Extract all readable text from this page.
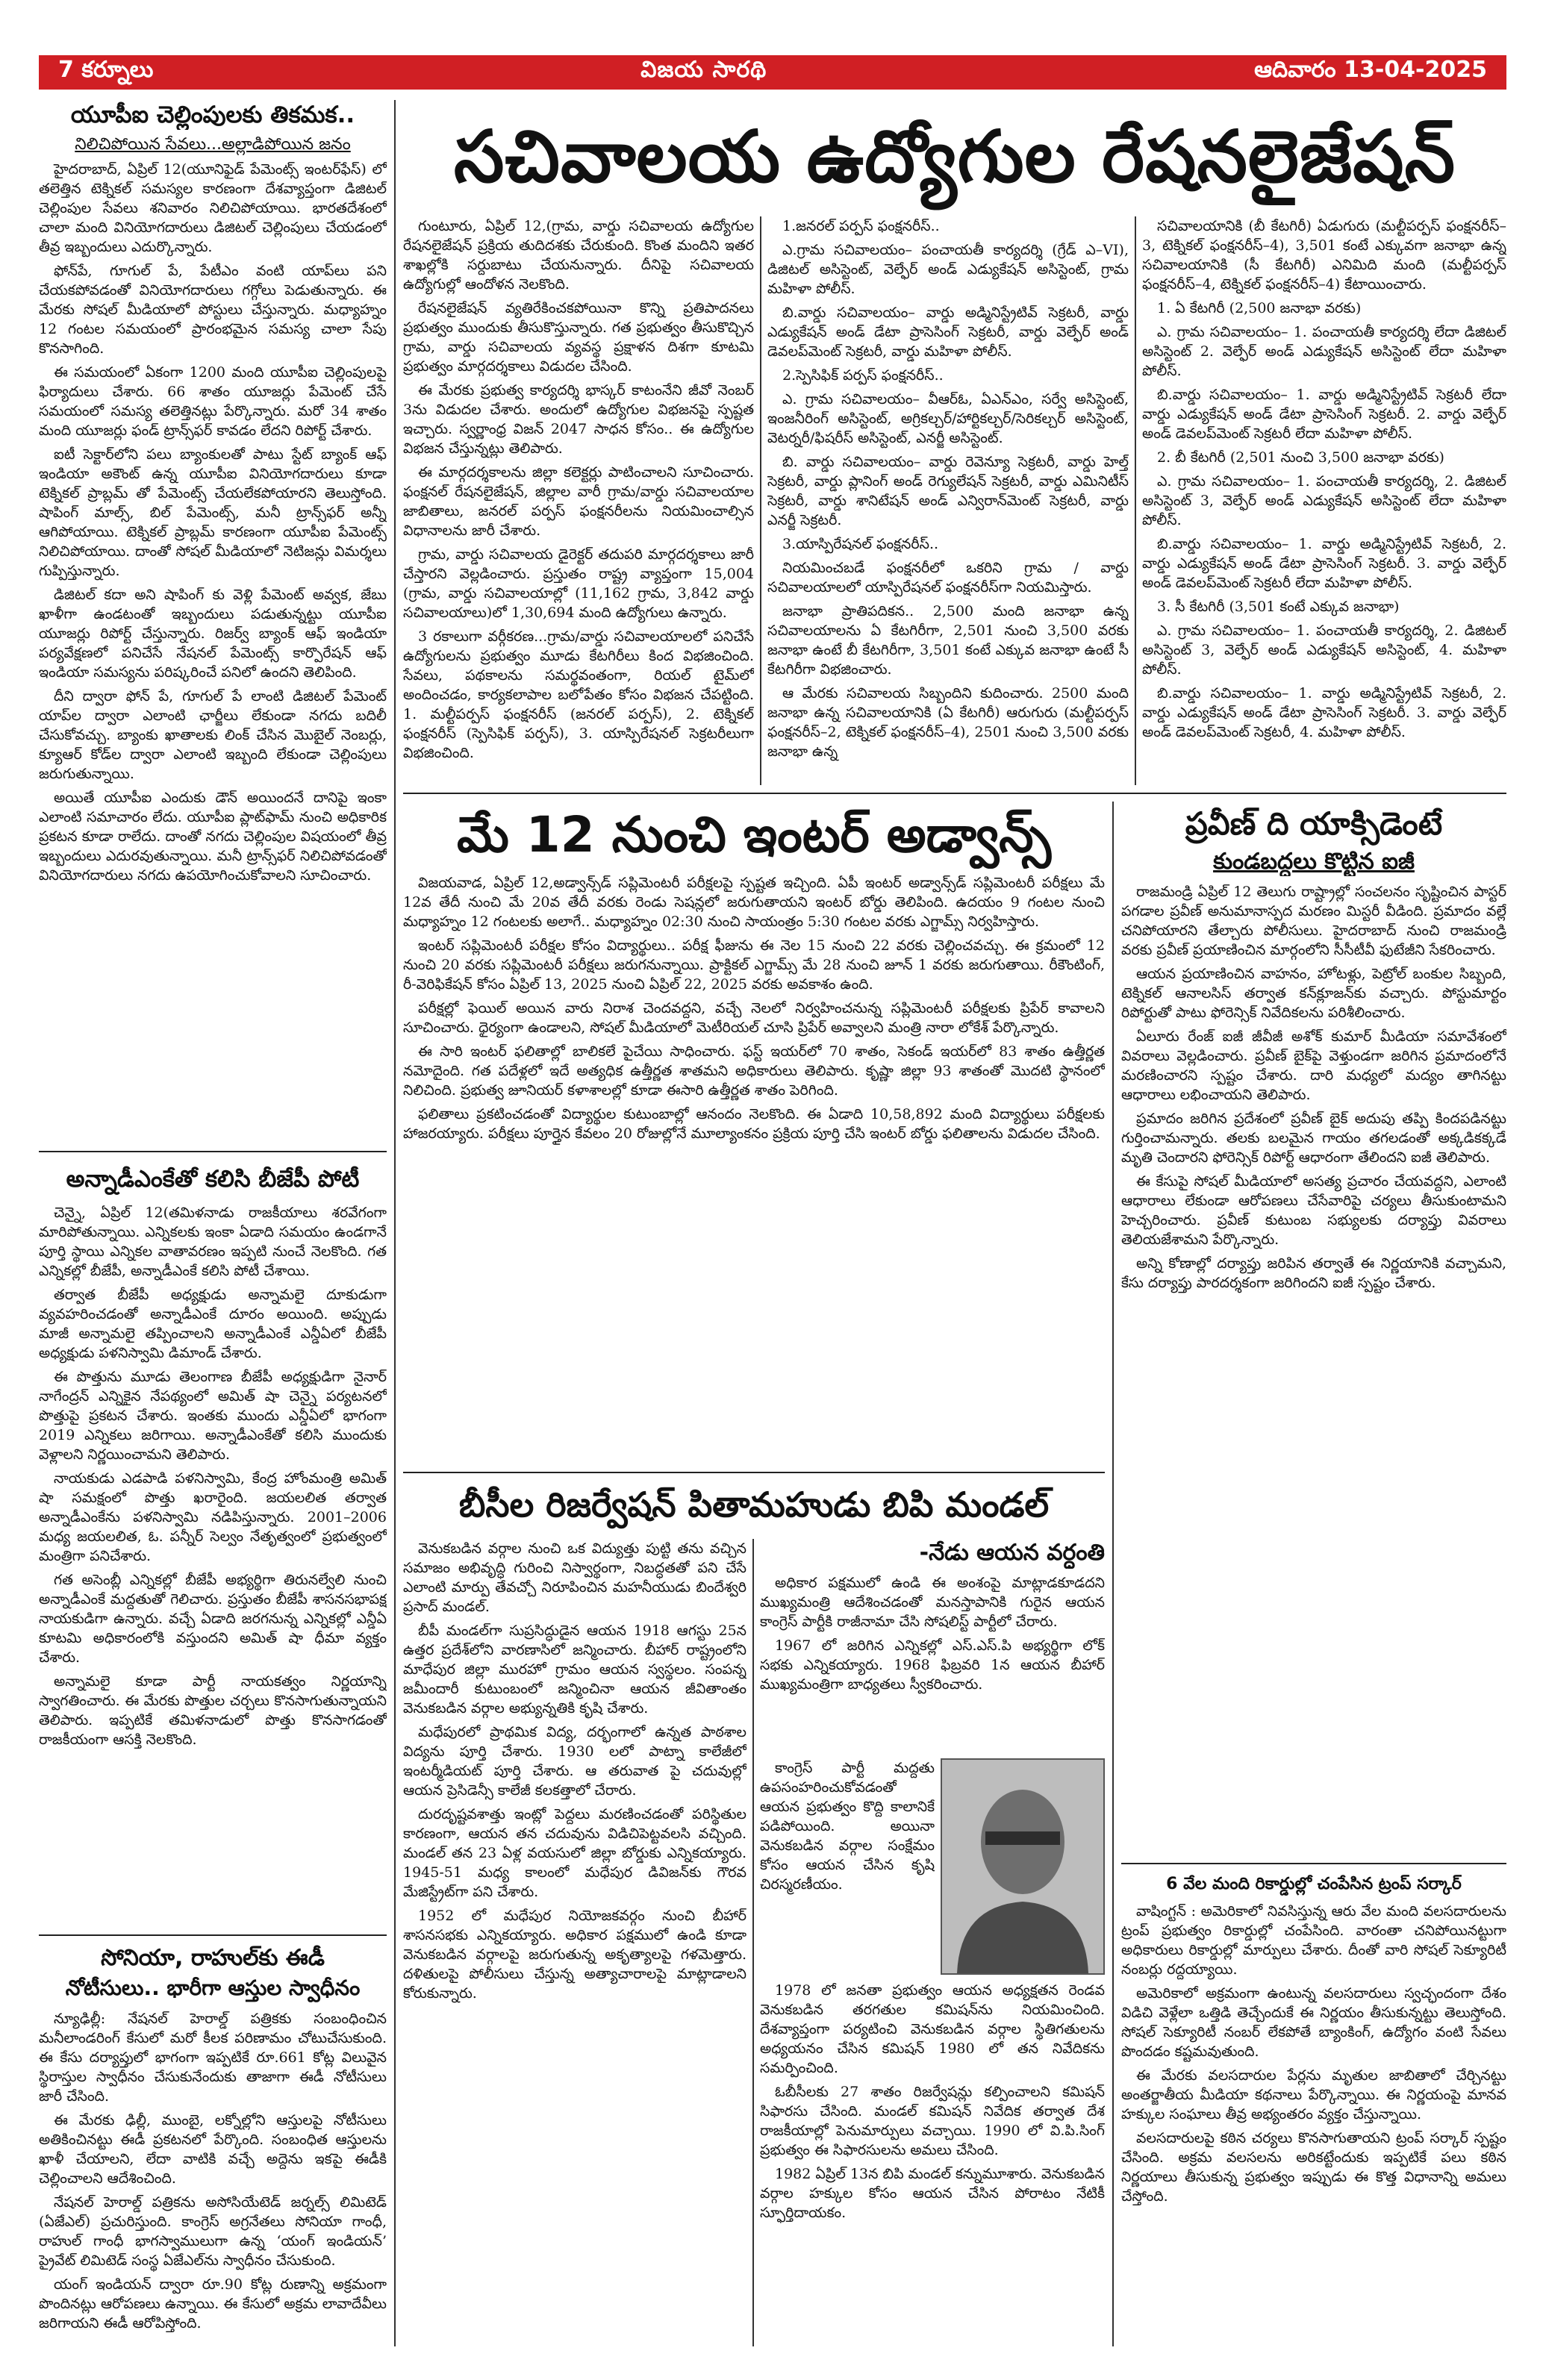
7 కర్నూలు	విజయ సారథి	ఆదివారం 13-04-2025
యూపీఐ చెల్లింపులకు తికమక..
నిలిచిపోయిన సేవలు...అల్లాడిపోయిన జనం

హైదరాబాద్, ఏప్రిల్ 12(యూనిఫైడ్ పేమెంట్స్ ఇంటర్‌ఫేస్) లో తలెత్తిన టెక్నికల్ సమస్యల కారణంగా దేశవ్యాప్తంగా డిజిటల్ చెల్లింపుల సేవలు శనివారం నిలిచిపోయాయి. భారతదేశంలో చాలా మంది వినియోగదారులు డిజిటల్ చెల్లింపులు చేయడంలో తీవ్ర ఇబ్బందులు ఎదుర్కొన్నారు.

ఫోన్‌పే, గూగుల్ పే, పేటీఎం వంటి యాప్‌లు పని చేయకపోవడంతో వినియోగదారులు గగ్గోలు పెడుతున్నారు. ఈ మేరకు సోషల్ మీడియాలో పోస్టులు చేస్తున్నారు. మధ్యాహ్నం 12 గంటల సమయంలో ప్రారంభమైన సమస్య చాలా సేపు కొనసాగింది.

ఈ సమయంలో ఏకంగా 1200 మంది యూపీఐ చెల్లింపులపై ఫిర్యాదులు చేశారు. 66 శాతం యూజర్లు పేమెంట్ చేసే సమయంలో సమస్య తలెత్తినట్లు పేర్కొన్నారు. మరో 34 శాతం మంది యూజర్లు ఫండ్ ట్రాన్స్‌ఫర్ కావడం లేదని రిపోర్ట్ చేశారు.

ఐటీ సెక్టార్‌లోని పలు బ్యాంకులతో పాటు స్టేట్ బ్యాంక్ ఆఫ్ ఇండియా అకౌంట్ ఉన్న యూపీఐ వినియోగదారులు కూడా టెక్నికల్ ప్రాబ్లమ్ తో పేమెంట్స్ చేయలేకపోయారని తెలుస్తోంది. షాపింగ్ మాల్స్, బిల్ పేమెంట్స్, మనీ ట్రాన్స్‌ఫర్ అన్నీ ఆగిపోయాయి. టెక్నికల్ ప్రాబ్లమ్ కారణంగా యూపీఐ పేమెంట్స్ నిలిచిపోయాయి. దాంతో సోషల్ మీడియాలో నెటిజన్లు విమర్శలు గుప్పిస్తున్నారు.

డిజిటల్ కదా అని షాపింగ్ కు వెళ్లి పేమెంట్ అవ్వక, జేబు ఖాళీగా ఉండటంతో ఇబ్బందులు పడుతున్నట్టు యూపీఐ యూజర్లు రిపోర్ట్ చేస్తున్నారు. రిజర్వ్ బ్యాంక్ ఆఫ్ ఇండియా పర్యవేక్షణలో పనిచేసే నేషనల్ పేమెంట్స్ కార్పొరేషన్ ఆఫ్ ఇండియా సమస్యను పరిష్కరించే పనిలో ఉందని తెలిపింది.

దీని ద్వారా ఫోన్ పే, గూగుల్ పే లాంటి డిజిటల్ పేమెంట్ యాప్‌ల ద్వారా ఎలాంటి ఛార్జీలు లేకుండా నగదు బదిలీ చేసుకోవచ్చు. బ్యాంకు ఖాతాలకు లింక్ చేసిన మొబైల్ నెంబర్లు, క్యూఆర్ కోడ్‌ల ద్వారా ఎలాంటి ఇబ్బంది లేకుండా చెల్లింపులు జరుగుతున్నాయి.

అయితే యూపీఐ ఎందుకు డౌన్ అయిందనే దానిపై ఇంకా ఎలాంటి సమాచారం లేదు. యూపీఐ ప్లాట్‌ఫామ్ నుంచి అధికారిక ప్రకటన కూడా రాలేదు. దాంతో నగదు చెల్లింపుల విషయంలో తీవ్ర ఇబ్బందులు ఎదురవుతున్నాయి. మనీ ట్రాన్స్‌ఫర్ నిలిచిపోవడంతో వినియోగదారులు నగదు ఉపయోగించుకోవాలని సూచించారు.

అన్నాడీఎంకేతో కలిసి బీజేపీ పోటీ

చెన్నై, ఏప్రిల్ 12(తమిళనాడు రాజకీయాలు శరవేగంగా మారిపోతున్నాయి. ఎన్నికలకు ఇంకా ఏడాది సమయం ఉండగానే పూర్తి స్థాయి ఎన్నికల వాతావరణం ఇప్పటి నుంచే నెలకొంది. గత ఎన్నికల్లో బీజేపీ, అన్నాడీఎంకే కలిసి పోటీ చేశాయి.

తర్వాత బీజేపీ అధ్యక్షుడు అన్నామలై దూకుడుగా వ్యవహరించడంతో అన్నాడీఎంకే దూరం అయింది. అప్పుడు మాజీ అన్నామలై తప్పించాలని అన్నాడీఎంకే ఎన్డీఏలో బీజేపీ అధ్యక్షుడు పళనిస్వామి డిమాండ్ చేశారు.

ఈ పొత్తును మూడు తెలంగాణ బీజేపీ అధ్యక్షుడిగా నైనార్ నాగేంద్రన్ ఎన్నికైన నేపథ్యంలో అమిత్ షా చెన్నై పర్యటనలో పొత్తుపై ప్రకటన చేశారు. ఇంతకు ముందు ఎన్డీఏలో భాగంగా 2019 ఎన్నికలు జరిగాయి. అన్నాడీఎంకేతో కలిసి ముందుకు వెళ్లాలని నిర్ణయించామని తెలిపారు.

నాయకుడు ఎడపాడి పళనిస్వామి, కేంద్ర హోంమంత్రి అమిత్ షా సమక్షంలో పొత్తు ఖరారైంది. జయలలిత తర్వాత అన్నాడీఎంకేను పళనిస్వామి నడిపిస్తున్నారు. 2001–2006 మధ్య జయలలిత, ఓ. పన్నీర్ సెల్వం నేతృత్వంలో ప్రభుత్వంలో మంత్రిగా పనిచేశారు.

గత అసెంబ్లీ ఎన్నికల్లో బీజేపీ అభ్యర్థిగా తిరునల్వేలి నుంచి అన్నాడీఎంకే మద్దతుతో గెలిచారు. ప్రస్తుతం బీజేపీ శాసనసభాపక్ష నాయకుడిగా ఉన్నారు. వచ్చే ఏడాది జరగనున్న ఎన్నికల్లో ఎన్డీఏ కూటమి అధికారంలోకి వస్తుందని అమిత్ షా ధీమా వ్యక్తం చేశారు.

అన్నామలై కూడా పార్టీ నాయకత్వం నిర్ణయాన్ని స్వాగతించారు. ఈ మేరకు పొత్తుల చర్చలు కొనసాగుతున్నాయని తెలిపారు. ఇప్పటికే తమిళనాడులో పొత్తు కొనసాగడంతో రాజకీయంగా ఆసక్తి నెలకొంది.

సోనియా, రాహుల్‌కు ఈడీ
నోటీసులు.. భారీగా ఆస్తుల స్వాధీనం

న్యూఢిల్లీ: నేషనల్ హెరాల్డ్ పత్రికకు సంబంధించిన మనీలాండరింగ్ కేసులో మరో కీలక పరిణామం చోటుచేసుకుంది. ఈ కేసు దర్యాప్తులో భాగంగా ఇప్పటికే రూ.661 కోట్ల విలువైన స్థిరాస్తుల స్వాధీనం చేసుకునేందుకు తాజాగా ఈడీ నోటీసులు జారీ చేసింది.

ఈ మేరకు ఢిల్లీ, ముంబై, లక్నోల్లోని ఆస్తులపై నోటీసులు అతికించినట్టు ఈడీ ప్రకటనలో పేర్కొంది. సంబంధిత ఆస్తులను ఖాళీ చేయాలని, లేదా వాటికి వచ్చే అద్దెను ఇకపై ఈడీకి చెల్లించాలని ఆదేశించింది.

నేషనల్ హెరాల్డ్ పత్రికను అసోసియేటెడ్ జర్నల్స్ లిమిటెడ్ (ఏజేఎల్) ప్రచురిస్తుంది. కాంగ్రెస్ అగ్రనేతలు సోనియా గాంధీ, రాహుల్ గాంధీ భాగస్వాములుగా ఉన్న ‘యంగ్ ఇండియన్’ ప్రైవేట్ లిమిటెడ్ సంస్థ ఏజేఎల్‌ను స్వాధీనం చేసుకుంది.

యంగ్ ఇండియన్ ద్వారా రూ.90 కోట్ల రుణాన్ని అక్రమంగా పొందినట్లు ఆరోపణలు ఉన్నాయి. ఈ కేసులో అక్రమ లావాదేవీలు జరిగాయని ఈడీ ఆరోపిస్తోంది.

సచివాలయ ఉద్యోగుల రేషనలైజేషన్

గుంటూరు, ఏప్రిల్ 12,(గ్రామ, వార్డు సచివాలయ ఉద్యోగుల రేషనలైజేషన్ ప్రక్రియ తుదిదశకు చేరుకుంది. కొంత మందిని ఇతర శాఖల్లోకి సర్దుబాటు చేయనున్నారు. దీనిపై సచివాలయ ఉద్యోగుల్లో ఆందోళన నెలకొంది.

రేషనలైజేషన్ వ్యతిరేకించకపోయినా కొన్ని ప్రతిపాదనలు ప్రభుత్వం ముందుకు తీసుకొస్తున్నారు. గత ప్రభుత్వం తీసుకొచ్చిన గ్రామ, వార్డు సచివాలయ వ్యవస్థ ప్రక్షాళన దిశగా కూటమి ప్రభుత్వం మార్గదర్శకాలు విడుదల చేసింది.

ఈ మేరకు ప్రభుత్వ కార్యదర్శి భాస్కర్ కాటంనేని జీవో నెంబర్ 3ను విడుదల చేశారు. అందులో ఉద్యోగుల విభజనపై స్పష్టత ఇచ్చారు. స్వర్ణాంధ్ర విజన్ 2047 సాధన కోసం.. ఈ ఉద్యోగుల విభజన చేస్తున్నట్లు తెలిపారు.

ఈ మార్గదర్శకాలను జిల్లా కలెక్టర్లు పాటించాలని సూచించారు. ఫంక్షనల్ రేషనలైజేషన్, జిల్లాల వారీ గ్రామ/వార్డు సచివాలయాల జాబితాలు, జనరల్ పర్పస్ ఫంక్షనరీలను నియమించాల్సిన విధానాలను జారీ చేశారు.

గ్రామ, వార్డు సచివాలయ డైరెక్టర్ తదుపరి మార్గదర్శకాలు జారీ చేస్తారని వెల్లడించారు. ప్రస్తుతం రాష్ట్ర వ్యాప్తంగా 15,004 (గ్రామ, వార్డు సచివాలయాల్లో (11,162 గ్రామ, 3,842 వార్డు సచివాలయాలు)లో 1,30,694 మంది ఉద్యోగులు ఉన్నారు.

3 రకాలుగా వర్గీకరణ...గ్రామ/వార్డు సచివాలయాలలో పనిచేసే ఉద్యోగులను ప్రభుత్వం మూడు కేటగిరీలు కింద విభజించింది. సేవలు, పథకాలను సమర్థవంతంగా, రియల్ టైమ్‌లో అందించడం, కార్యకలాపాల బలోపేతం కోసం విభజన చేపట్టింది. 1. మల్టీపర్పస్ ఫంక్షనరీస్ (జనరల్ పర్పస్), 2. టెక్నికల్ ఫంక్షనరీస్ (స్పెసిఫిక్ పర్పస్), 3. యాస్పిరేషనల్ సెక్రటరీలుగా విభజించింది.

1.జనరల్ పర్పస్ ఫంక్షనరీస్..

ఎ.గ్రామ సచివాలయం– పంచాయతీ కార్యదర్శి (గ్రేడ్ ఎ–VI), డిజిటల్ అసిస్టెంట్, వెల్ఫేర్ అండ్ ఎడ్యుకేషన్ అసిస్టెంట్, గ్రామ మహిళా పోలీస్.

బి.వార్డు సచివాలయం– వార్డు అడ్మినిస్ట్రేటివ్ సెక్రటరీ, వార్డు ఎడ్యుకేషన్ అండ్ డేటా ప్రాసెసింగ్ సెక్రటరీ, వార్డు వెల్ఫేర్ అండ్ డెవలప్‌మెంట్ సెక్రటరీ, వార్డు మహిళా పోలీస్.

2.స్పెసిఫిక్ పర్పస్ ఫంక్షనరీస్..

ఎ. గ్రామ సచివాలయం– వీఆర్ఓ, ఏఎన్ఎం, సర్వే అసిస్టెంట్, ఇంజనీరింగ్ అసిస్టెంట్, అగ్రికల్చర్/హార్టికల్చర్/సెరికల్చర్ అసిస్టెంట్, వెటర్నరీ/ఫిషరీస్ అసిస్టెంట్, ఎనర్జీ అసిస్టెంట్.

బి. వార్డు సచివాలయం– వార్డు రెవెన్యూ సెక్రటరీ, వార్డు హెల్త్ సెక్రటరీ, వార్డు ప్లానింగ్ అండ్ రెగ్యులేషన్ సెక్రటరీ, వార్డు ఎమినిటీస్ సెక్రటరీ, వార్డు శానిటేషన్ అండ్ ఎన్విరాన్‌మెంట్ సెక్రటరీ, వార్డు ఎనర్జీ సెక్రటరీ.

3.యాస్పిరేషనల్ ఫంక్షనరీస్..

నియమించబడే ఫంక్షనరీలో ఒకరిని గ్రామ / వార్డు సచివాలయాలలో యాస్పిరేషనల్ ఫంక్షనరీస్‌గా నియమిస్తారు.

జనాభా ప్రాతిపదికన.. 2,500 మంది జనాభా ఉన్న సచివాలయాలను ఏ కేటగిరీగా, 2,501 నుంచి 3,500 వరకు జనాభా ఉంటే బీ కేటగిరీగా, 3,501 కంటే ఎక్కువ జనాభా ఉంటే సీ కేటగిరీగా విభజించారు.

ఆ మేరకు సచివాలయ సిబ్బందిని కుదించారు. 2500 మంది జనాభా ఉన్న సచివాలయానికి (ఏ కేటగిరీ) ఆరుగురు (మల్టీపర్పస్ ఫంక్షనరీస్–2, టెక్నికల్ ఫంక్షనరీస్–4), 2501 నుంచి 3,500 వరకు జనాభా ఉన్న

సచివాలయానికి (బీ కేటగిరీ) ఏడుగురు (మల్టీపర్పస్ ఫంక్షనరీస్–3, టెక్నికల్ ఫంక్షనరీస్–4), 3,501 కంటే ఎక్కువగా జనాభా ఉన్న సచివాలయానికి (సీ కేటగిరీ) ఎనిమిది మంది (మల్టీపర్పస్ ఫంక్షనరీస్–4, టెక్నికల్ ఫంక్షనరీస్–4) కేటాయించారు.

1. ఏ కేటగిరీ (2,500 జనాభా వరకు)

ఎ. గ్రామ సచివాలయం– 1. పంచాయతీ కార్యదర్శి లేదా డిజిటల్ అసిస్టెంట్ 2. వెల్ఫేర్ అండ్ ఎడ్యుకేషన్ అసిస్టెంట్ లేదా మహిళా పోలీస్.

బి.వార్డు సచివాలయం– 1. వార్డు అడ్మినిస్ట్రేటివ్ సెక్రటరీ లేదా వార్డు ఎడ్యుకేషన్ అండ్ డేటా ప్రాసెసింగ్ సెక్రటరీ. 2. వార్డు వెల్ఫేర్ అండ్ డెవలప్‌మెంట్ సెక్రటరీ లేదా మహిళా పోలీస్.

2. బీ కేటగిరీ (2,501 నుంచి 3,500 జనాభా వరకు)

ఎ. గ్రామ సచివాలయం– 1. పంచాయతీ కార్యదర్శి, 2. డిజిటల్ అసిస్టెంట్ 3, వెల్ఫేర్ అండ్ ఎడ్యుకేషన్ అసిస్టెంట్ లేదా మహిళా పోలీస్.

బి.వార్డు సచివాలయం– 1. వార్డు అడ్మినిస్ట్రేటివ్ సెక్రటరీ, 2. వార్డు ఎడ్యుకేషన్ అండ్ డేటా ప్రాసెసింగ్ సెక్రటరీ. 3. వార్డు వెల్ఫేర్ అండ్ డెవలప్‌మెంట్ సెక్రటరీ లేదా మహిళా పోలీస్.

3. సీ కేటగిరీ (3,501 కంటే ఎక్కువ జనాభా)

ఎ. గ్రామ సచివాలయం– 1. పంచాయతీ కార్యదర్శి, 2. డిజిటల్ అసిస్టెంట్ 3, వెల్ఫేర్ అండ్ ఎడ్యుకేషన్ అసిస్టెంట్, 4. మహిళా పోలీస్.

బి.వార్డు సచివాలయం– 1. వార్డు అడ్మినిస్ట్రేటివ్ సెక్రటరీ, 2. వార్డు ఎడ్యుకేషన్ అండ్ డేటా ప్రాసెసింగ్ సెక్రటరీ. 3. వార్డు వెల్ఫేర్ అండ్ డెవలప్‌మెంట్ సెక్రటరీ, 4. మహిళా పోలీస్.

మే 12 నుంచి ఇంటర్ అడ్వాన్స్

విజయవాడ, ఏప్రిల్ 12,అడ్వాన్స్‌డ్ సప్లిమెంటరీ పరీక్షలపై స్పష్టత ఇచ్చింది. ఏపీ ఇంటర్ అడ్వాన్స్‌డ్ సప్లిమెంటరీ పరీక్షలు మే 12వ తేదీ నుంచి మే 20వ తేదీ వరకు రెండు సెషన్లలో జరుగుతాయని ఇంటర్ బోర్డు తెలిపింది. ఉదయం 9 గంటల నుంచి మధ్యాహ్నం 12 గంటలకు అలాగే.. మధ్యాహ్నం 02:30 నుంచి సాయంత్రం 5:30 గంటల వరకు ఎగ్జామ్స్ నిర్వహిస్తారు.

ఇంటర్ సప్లిమెంటరీ పరీక్షల కోసం విద్యార్థులు.. పరీక్ష ఫీజును ఈ నెల 15 నుంచి 22 వరకు చెల్లించవచ్చు. ఈ క్రమంలో 12 నుంచి 20 వరకు సప్లిమెంటరీ పరీక్షలు జరుగనున్నాయి. ప్రాక్టికల్ ఎగ్జామ్స్ మే 28 నుంచి జూన్ 1 వరకు జరుగుతాయి. రీకౌంటింగ్, రీ-వెరిఫికేషన్ కోసం ఏప్రిల్ 13, 2025 నుంచి ఏప్రిల్ 22, 2025 వరకు అవకాశం ఉంది.

పరీక్షల్లో ఫెయిల్ అయిన వారు నిరాశ చెందవద్దని, వచ్చే నెలలో నిర్వహించనున్న సప్లిమెంటరీ పరీక్షలకు ప్రిపేర్ కావాలని సూచించారు. ధైర్యంగా ఉండాలని, సోషల్ మీడియాలో మెటీరియల్ చూసి ప్రిపేర్ అవ్వాలని మంత్రి నారా లోకేశ్ పేర్కొన్నారు.

ఈ సారి ఇంటర్ ఫలితాల్లో బాలికలే పైచేయి సాధించారు. ఫస్ట్ ఇయర్‌లో 70 శాతం, సెకండ్ ఇయర్‌లో 83 శాతం ఉత్తీర్ణత నమోదైంది. గత పదేళ్లలో ఇదే అత్యధిక ఉత్తీర్ణత శాతమని అధికారులు తెలిపారు. కృష్ణా జిల్లా 93 శాతంతో మొదటి స్థానంలో నిలిచింది. ప్రభుత్వ జూనియర్ కళాశాలల్లో కూడా ఈసారి ఉత్తీర్ణత శాతం పెరిగింది.

ఫలితాలు ప్రకటించడంతో విద్యార్థుల కుటుంబాల్లో ఆనందం నెలకొంది. ఈ ఏడాది 10,58,892 మంది విద్యార్థులు పరీక్షలకు హాజరయ్యారు. పరీక్షలు పూర్తైన కేవలం 20 రోజుల్లోనే మూల్యాంకనం ప్రక్రియ పూర్తి చేసి ఇంటర్ బోర్డు ఫలితాలను విడుదల చేసింది.

ప్రవీణ్ ది యాక్సిడెంటే
కుండబద్దలు కొట్టిన ఐజీ

రాజమండ్రి ఏప్రిల్ 12 తెలుగు రాష్ట్రాల్లో సంచలనం సృష్టించిన పాస్టర్ పగడాల ప్రవీణ్ అనుమానాస్పద మరణం మిస్టరీ వీడింది. ప్రమాదం వల్లే చనిపోయారని తేల్చారు పోలీసులు. హైదరాబాద్ నుంచి రాజమండ్రి వరకు ప్రవీణ్ ప్రయాణించిన మార్గంలోని సీసీటీవీ ఫుటేజీని సేకరించారు.

ఆయన ప్రయాణించిన వాహనం, హోటళ్లు, పెట్రోల్ బంకుల సిబ్బంది, టెక్నికల్ ఆనాలసిస్ తర్వాత కన్‌క్లూజన్‌కు వచ్చారు. పోస్టుమార్టం రిపోర్టుతో పాటు ఫోరెన్సిక్ నివేదికలను పరిశీలించారు.

ఏలూరు రేంజ్ ఐజీ జీవీజీ అశోక్ కుమార్ మీడియా సమావేశంలో వివరాలు వెల్లడించారు. ప్రవీణ్ బైక్‌పై వెళ్తుండగా జరిగిన ప్రమాదంలోనే మరణించారని స్పష్టం చేశారు. దారి మధ్యలో మద్యం తాగినట్టు ఆధారాలు లభించాయని తెలిపారు.

ప్రమాదం జరిగిన ప్రదేశంలో ప్రవీణ్ బైక్ అదుపు తప్పి కిందపడినట్టు గుర్తించామన్నారు. తలకు బలమైన గాయం తగలడంతో అక్కడికక్కడే మృతి చెందారని ఫోరెన్సిక్ రిపోర్ట్ ఆధారంగా తేలిందని ఐజీ తెలిపారు.

ఈ కేసుపై సోషల్ మీడియాలో అసత్య ప్రచారం చేయవద్దని, ఎలాంటి ఆధారాలు లేకుండా ఆరోపణలు చేసేవారిపై చర్యలు తీసుకుంటామని హెచ్చరించారు. ప్రవీణ్ కుటుంబ సభ్యులకు దర్యాప్తు వివరాలు తెలియజేశామని పేర్కొన్నారు.

అన్ని కోణాల్లో దర్యాప్తు జరిపిన తర్వాతే ఈ నిర్ణయానికి వచ్చామని, కేసు దర్యాప్తు పారదర్శకంగా జరిగిందని ఐజీ స్పష్టం చేశారు.

6 వేల మంది రికార్డుల్లో చంపేసిన ట్రంప్ సర్కార్

వాషింగ్టన్ : అమెరికాలో నివసిస్తున్న ఆరు వేల మంది వలసదారులను ట్రంప్ ప్రభుత్వం రికార్డుల్లో చంపేసింది. వారంతా చనిపోయినట్టుగా అధికారులు రికార్డుల్లో మార్పులు చేశారు. దీంతో వారి సోషల్ సెక్యూరిటీ నంబర్లు రద్దయ్యాయి.

అమెరికాలో అక్రమంగా ఉంటున్న వలసదారులు స్వచ్ఛందంగా దేశం విడిచి వెళ్లేలా ఒత్తిడి తెచ్చేందుకే ఈ నిర్ణయం తీసుకున్నట్టు తెలుస్తోంది. సోషల్ సెక్యూరిటీ నంబర్ లేకపోతే బ్యాంకింగ్, ఉద్యోగం వంటి సేవలు పొందడం కష్టమవుతుంది.

ఈ మేరకు వలసదారుల పేర్లను మృతుల జాబితాలో చేర్చినట్టు అంతర్జాతీయ మీడియా కథనాలు పేర్కొన్నాయి. ఈ నిర్ణయంపై మానవ హక్కుల సంఘాలు తీవ్ర అభ్యంతరం వ్యక్తం చేస్తున్నాయి.

వలసదారులపై కఠిన చర్యలు కొనసాగుతాయని ట్రంప్ సర్కార్ స్పష్టం చేసింది. అక్రమ వలసలను అరికట్టేందుకు ఇప్పటికే పలు కఠిన నిర్ణయాలు తీసుకున్న ప్రభుత్వం ఇప్పుడు ఈ కొత్త విధానాన్ని అమలు చేస్తోంది.

బీసీల రిజర్వేషన్ పితామహుడు బిపి మండల్

వెనుకబడిన వర్గాల నుంచి ఒక విద్యుత్తు పుట్టి తను వచ్చిన సమాజం అభివృద్ధి గురించి నిస్వార్థంగా, నిబద్ధతతో పని చేసే ఎలాంటి మార్పు తేవచ్చో నిరూపించిన మహనీయుడు బిందేశ్వరి ప్రసాద్ మండల్.

బీపీ మండల్‌గా సుప్రసిద్ధుడైన ఆయన 1918 ఆగస్టు 25న ఉత్తర ప్రదేశ్‌లోని వారణాసిలో జన్మించారు. బీహార్ రాష్ట్రంలోని మాధేపుర జిల్లా మురహో గ్రామం ఆయన స్వస్థలం. సంపన్న జమీందారీ కుటుంబంలో జన్మించినా ఆయన జీవితాంతం వెనుకబడిన వర్గాల అభ్యున్నతికి కృషి చేశారు.

మధేపురలో ప్రాథమిక విద్య, దర్భంగాలో ఉన్నత పాఠశాల విద్యను పూర్తి చేశారు. 1930 లలో పాట్నా కాలేజీలో ఇంటర్మీడియట్ పూర్తి చేశారు. ఆ తరువాత పై చదువుల్లో ఆయన ప్రెసిడెన్సీ కాలేజీ కలకత్తాలో చేరారు.

దురదృష్టవశాత్తు ఇంట్లో పెద్దలు మరణించడంతో పరిస్థితుల కారణంగా, ఆయన తన చదువును విడిచిపెట్టవలసి వచ్చింది. మండల్ తన 23 ఏళ్ల వయసులో జిల్లా బోర్డుకు ఎన్నికయ్యారు. 1945-51 మధ్య కాలంలో మధేపుర డివిజన్‌కు గౌరవ మేజిస్ట్రేట్‌గా పని చేశారు.

1952 లో మధేపుర నియోజకవర్గం నుంచి బీహార్ శాసనసభకు ఎన్నికయ్యారు. అధికార పక్షములో ఉండి కూడా వెనుకబడిన వర్గాలపై జరుగుతున్న అకృత్యాలపై గళమెత్తారు. దళితులపై పోలీసులు చేస్తున్న అత్యాచారాలపై మాట్లాడాలని కోరుకున్నారు.

-నేడు ఆయన వర్ధంతి

అధికార పక్షములో ఉండి ఈ అంశంపై మాట్లాడకూడదని ముఖ్యమంత్రి ఆదేశించడంతో మనస్తాపానికి గురైన ఆయన కాంగ్రెస్ పార్టీకి రాజీనామా చేసి సోషలిస్ట్ పార్టీలో చేరారు.

1967 లో జరిగిన ఎన్నికల్లో ఎస్.ఎస్.పి అభ్యర్థిగా లోక్ సభకు ఎన్నికయ్యారు. 1968 ఫిబ్రవరి 1న ఆయన బీహార్ ముఖ్యమంత్రిగా బాధ్యతలు స్వీకరించారు.

కాంగ్రెస్ పార్టీ మద్దతు ఉపసంహరించుకోవడంతో ఆయన ప్రభుత్వం కొద్ది కాలానికే పడిపోయింది. అయినా వెనుకబడిన వర్గాల సంక్షేమం కోసం ఆయన చేసిన కృషి చిరస్మరణీయం.

1978 లో జనతా ప్రభుత్వం ఆయన అధ్యక్షతన రెండవ వెనుకబడిన తరగతుల కమిషన్‌ను నియమించింది. దేశవ్యాప్తంగా పర్యటించి వెనుకబడిన వర్గాల స్థితిగతులను అధ్యయనం చేసిన కమిషన్ 1980 లో తన నివేదికను సమర్పించింది.

ఓబీసీలకు 27 శాతం రిజర్వేషన్లు కల్పించాలని కమిషన్ సిఫారసు చేసింది. మండల్ కమిషన్ నివేదిక తర్వాత దేశ రాజకీయాల్లో పెనుమార్పులు వచ్చాయి. 1990 లో వి.పి.సింగ్ ప్రభుత్వం ఈ సిఫారసులను అమలు చేసింది.

1982 ఏప్రిల్ 13న బిపి మండల్ కన్నుమూశారు. వెనుకబడిన వర్గాల హక్కుల కోసం ఆయన చేసిన పోరాటం నేటికీ స్ఫూర్తిదాయకం.
